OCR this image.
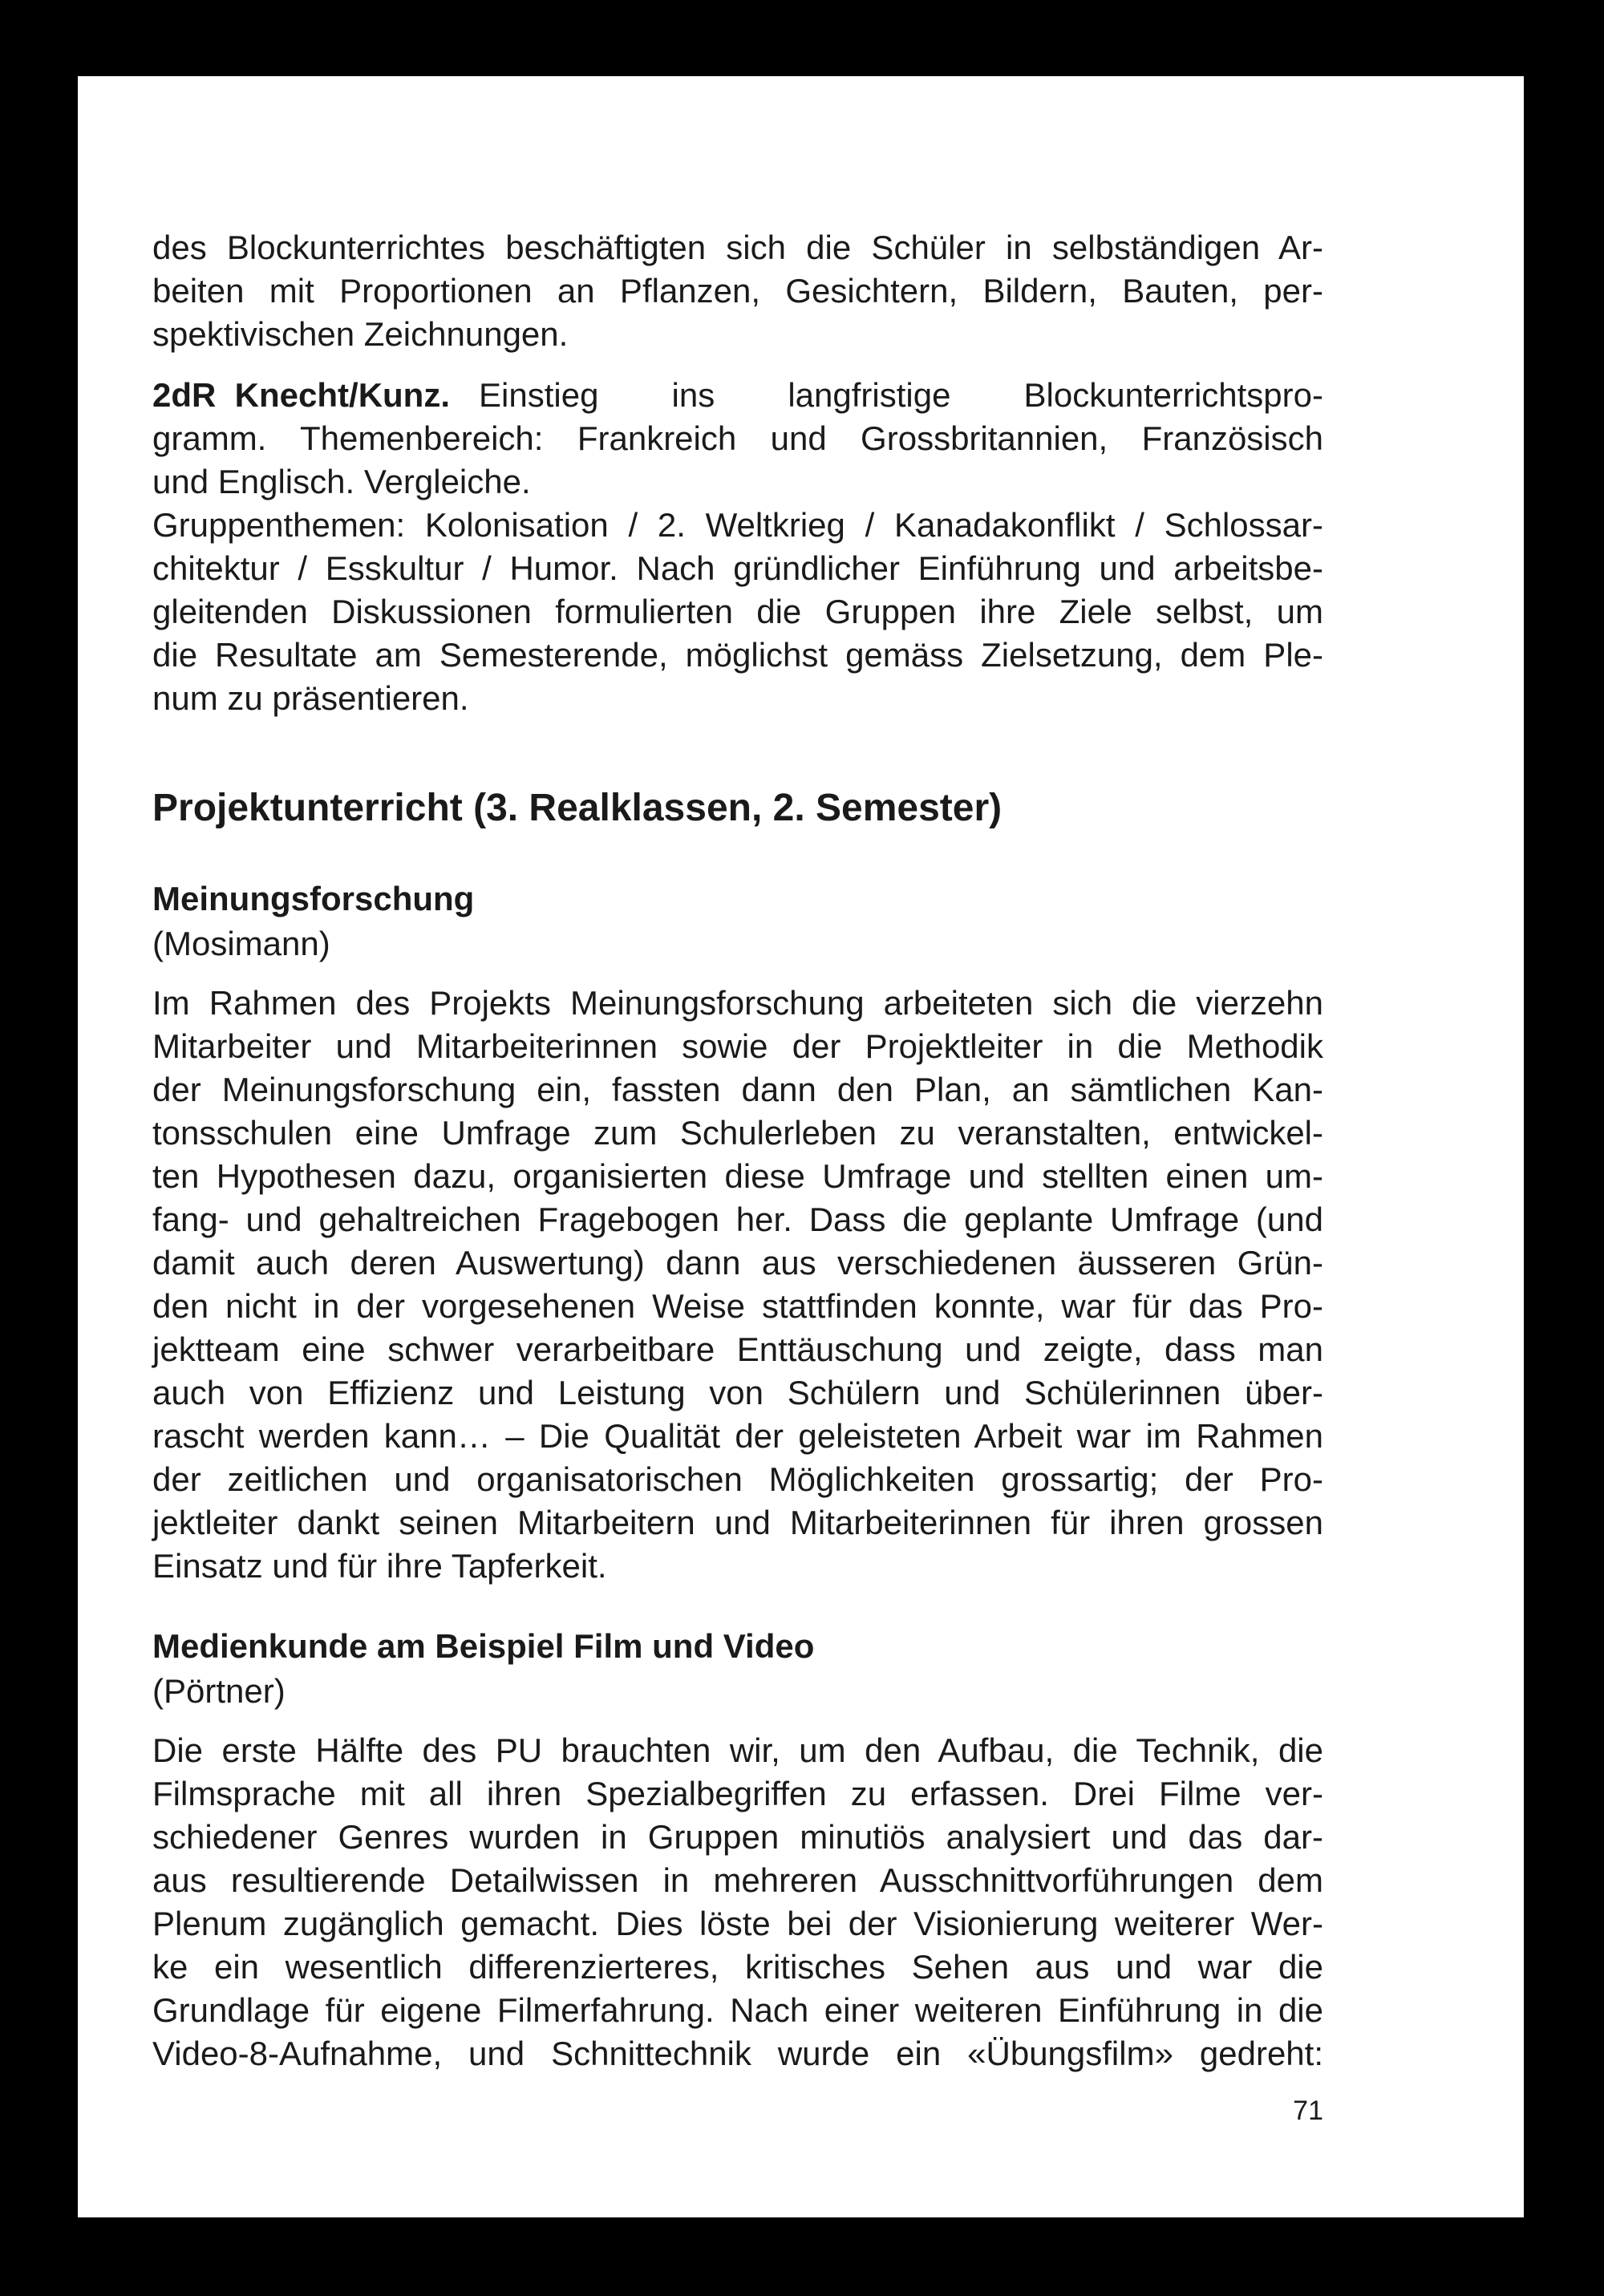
des Blockunterrichtes beschäftigten sich die Schüler in selbständigen Ar-
beiten mit Proportionen an Pflanzen, Gesichtern, Bildern, Bauten, per-
spektivischen Zeichnungen.
2dR  Knecht/Kunz. Einstieg ins langfristige Blockunterrichtspro-
gramm. Themenbereich: Frankreich und Grossbritannien, Französisch
und Englisch. Vergleiche.
Gruppenthemen: Kolonisation / 2. Weltkrieg / Kanadakonflikt / Schlossar-
chitektur / Esskultur / Humor. Nach gründlicher Einführung und arbeitsbe-
gleitenden Diskussionen formulierten die Gruppen ihre Ziele selbst, um
die Resultate am Semesterende, möglichst gemäss Zielsetzung, dem Ple-
num zu präsentieren.
Projektunterricht (3. Realklassen, 2. Semester)
Meinungsforschung
(Mosimann)
Im Rahmen des Projekts Meinungsforschung arbeiteten sich die vierzehn
Mitarbeiter und Mitarbeiterinnen sowie der Projektleiter in die Methodik
der Meinungsforschung ein, fassten dann den Plan, an sämtlichen Kan-
tonsschulen eine Umfrage zum Schulerleben zu veranstalten, entwickel-
ten Hypothesen dazu, organisierten diese Umfrage und stellten einen um-
fang- und gehaltreichen Fragebogen her. Dass die geplante Umfrage (und
damit auch deren Auswertung) dann aus verschiedenen äusseren Grün-
den nicht in der vorgesehenen Weise stattfinden konnte, war für das Pro-
jektteam eine schwer verarbeitbare Enttäuschung und zeigte, dass man
auch von Effizienz und Leistung von Schülern und Schülerinnen über-
rascht werden kann… – Die Qualität der geleisteten Arbeit war im Rahmen
der zeitlichen und organisatorischen Möglichkeiten grossartig; der Pro-
jektleiter dankt seinen Mitarbeitern und Mitarbeiterinnen für ihren grossen
Einsatz und für ihre Tapferkeit.
Medienkunde am Beispiel Film und Video
(Pörtner)
Die erste Hälfte des PU brauchten wir, um den Aufbau, die Technik, die
Filmsprache mit all ihren Spezialbegriffen zu erfassen. Drei Filme ver-
schiedener Genres wurden in Gruppen minutiös analysiert und das dar-
aus resultierende Detailwissen in mehreren Ausschnittvorführungen dem
Plenum zugänglich gemacht. Dies löste bei der Visionierung weiterer Wer-
ke ein wesentlich differenzierteres, kritisches Sehen aus und war die
Grundlage für eigene Filmerfahrung. Nach einer weiteren Einführung in die
Video-8-Aufnahme, und Schnittechnik wurde ein «Übungsfilm» gedreht:
71
